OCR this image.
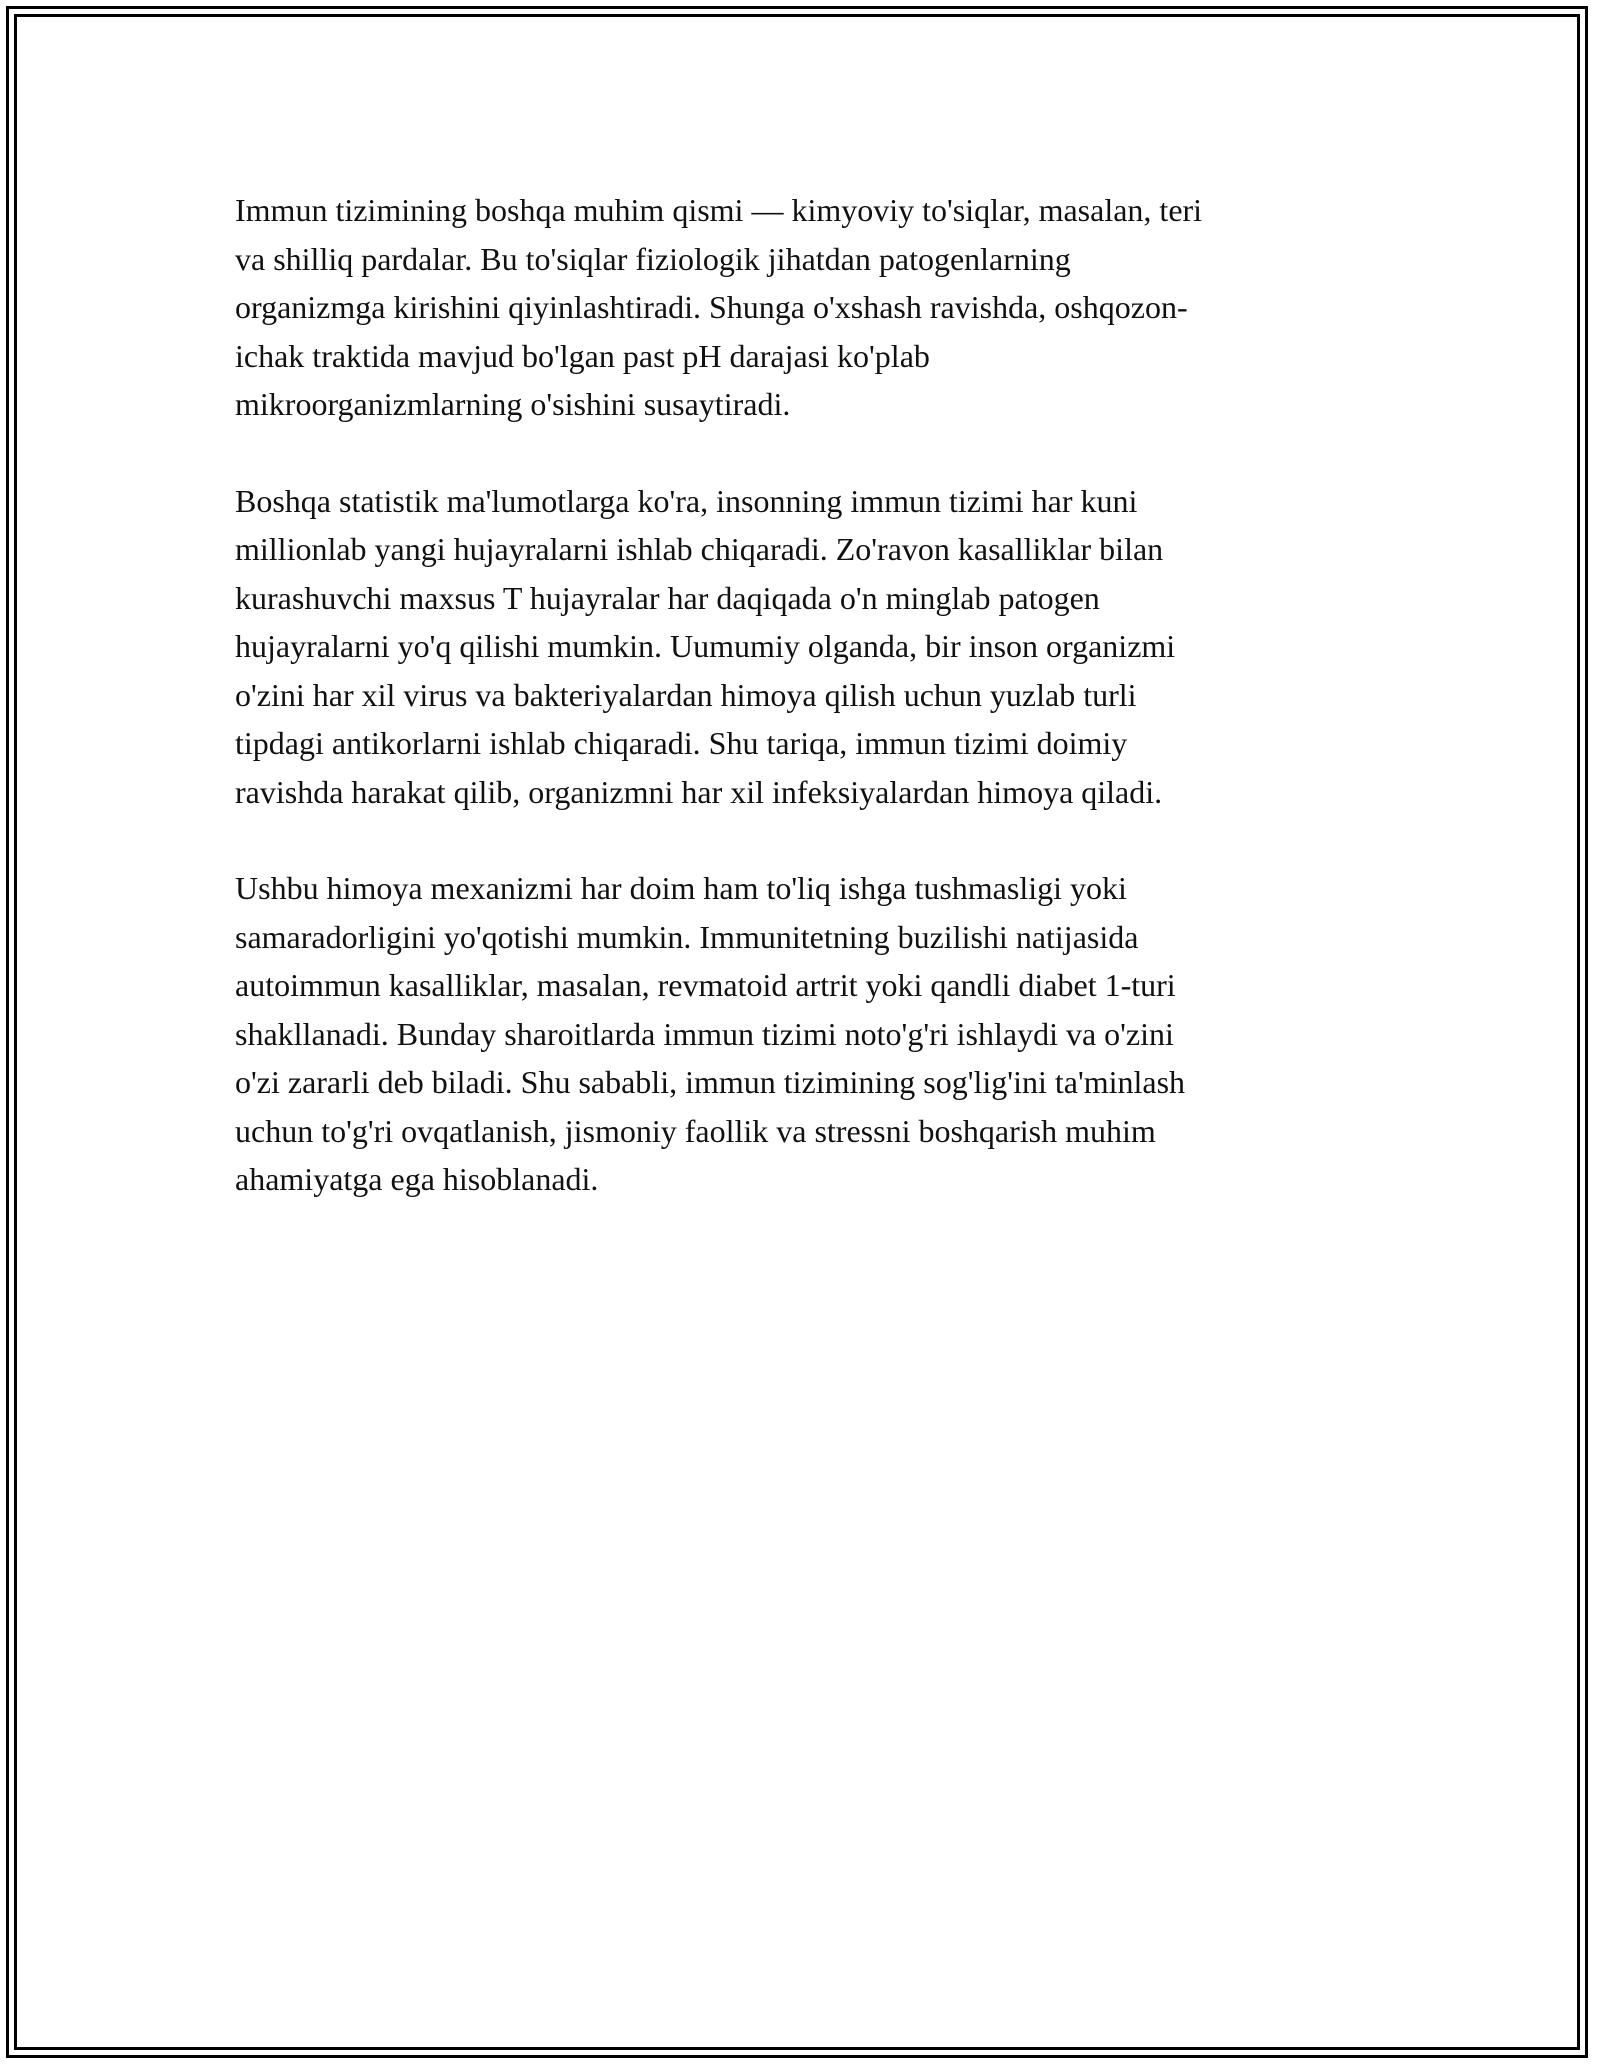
Immun tizimining boshqa muhim qismi — kimyoviy to'siqlar, masalan, teri
va shilliq pardalar. Bu to'siqlar fiziologik jihatdan patogenlarning
organizmga kirishini qiyinlashtiradi. Shunga o'xshash ravishda, oshqozon-
ichak traktida mavjud bo'lgan past pH darajasi ko'plab
mikroorganizmlarning o'sishini susaytiradi.

Boshqa statistik ma'lumotlarga ko'ra, insonning immun tizimi har kuni
millionlab yangi hujayralarni ishlab chiqaradi. Zo'ravon kasalliklar bilan
kurashuvchi maxsus T hujayralar har daqiqada o'n minglab patogen
hujayralarni yo'q qilishi mumkin. Uumumiy olganda, bir inson organizmi
o'zini har xil virus va bakteriyalardan himoya qilish uchun yuzlab turli
tipdagi antikorlarni ishlab chiqaradi. Shu tariqa, immun tizimi doimiy
ravishda harakat qilib, organizmni har xil infeksiyalardan himoya qiladi.

Ushbu himoya mexanizmi har doim ham to'liq ishga tushmasligi yoki
samaradorligini yo'qotishi mumkin. Immunitetning buzilishi natijasida
autoimmun kasalliklar, masalan, revmatoid artrit yoki qandli diabet 1-turi
shakllanadi. Bunday sharoitlarda immun tizimi noto'g'ri ishlaydi va o'zini
o'zi zararli deb biladi. Shu sababli, immun tizimining sog'lig'ini ta'minlash
uchun to'g'ri ovqatlanish, jismoniy faollik va stressni boshqarish muhim
ahamiyatga ega hisoblanadi.
